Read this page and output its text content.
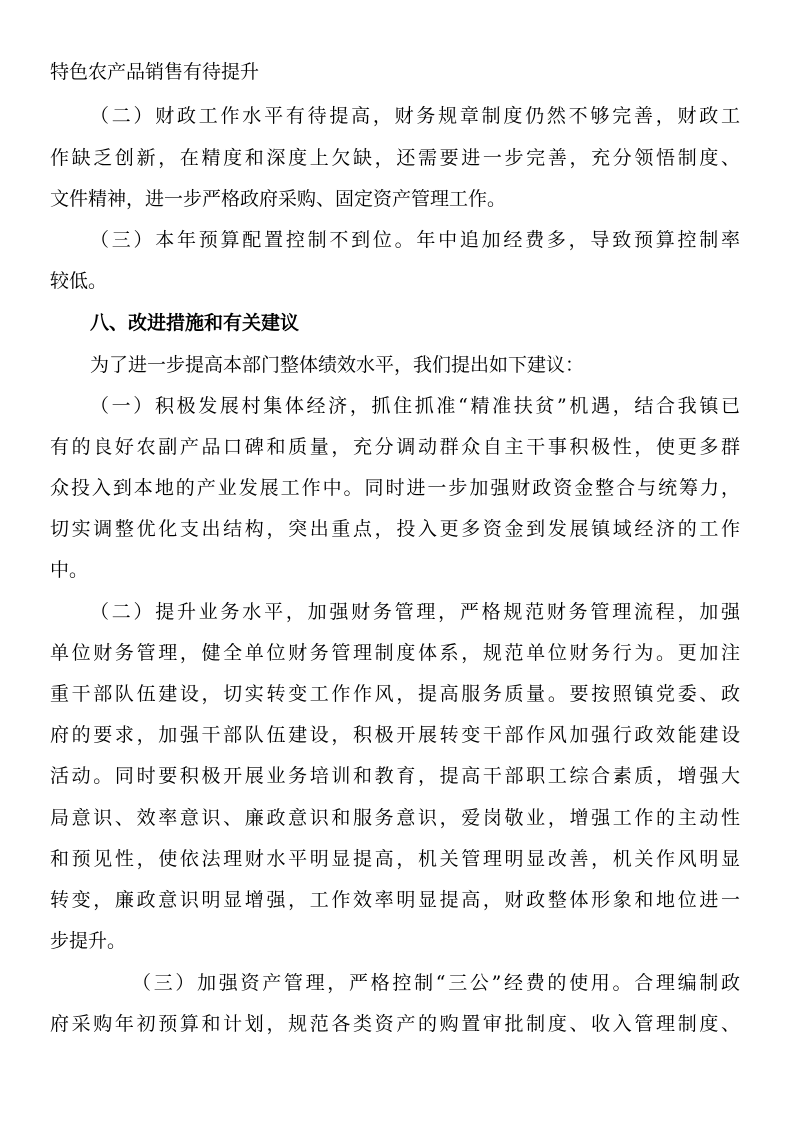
特色农产品销售有待提升
（二）财政工作水平有待提高，财务规章制度仍然不够完善，财政工
作缺乏创新，在精度和深度上欠缺，还需要进一步完善，充分领悟制度、
文件精神，进一步严格政府采购、固定资产管理工作。
（三）本年预算配置控制不到位。年中追加经费多，导致预算控制率
较低。
八、改进措施和有关建议
为了进一步提高本部门整体绩效水平，我们提出如下建议：
（一）积极发展村集体经济，抓住抓准“精准扶贫”机遇，结合我镇已
有的良好农副产品口碑和质量，充分调动群众自主干事积极性，使更多群
众投入到本地的产业发展工作中。同时进一步加强财政资金整合与统筹力，
切实调整优化支出结构，突出重点，投入更多资金到发展镇域经济的工作
中。
（二）提升业务水平，加强财务管理，严格规范财务管理流程，加强
单位财务管理，健全单位财务管理制度体系，规范单位财务行为。更加注
重干部队伍建设，切实转变工作作风，提高服务质量。要按照镇党委、政
府的要求，加强干部队伍建设，积极开展转变干部作风加强行政效能建设
活动。同时要积极开展业务培训和教育，提高干部职工综合素质，增强大
局意识、效率意识、廉政意识和服务意识，爱岗敬业，增强工作的主动性
和预见性，使依法理财水平明显提高，机关管理明显改善，机关作风明显
转变，廉政意识明显增强，工作效率明显提高，财政整体形象和地位进一
步提升。
（三）加强资产管理，严格控制“三公”经费的使用。合理编制政
府采购年初预算和计划，规范各类资产的购置审批制度、收入管理制度、
